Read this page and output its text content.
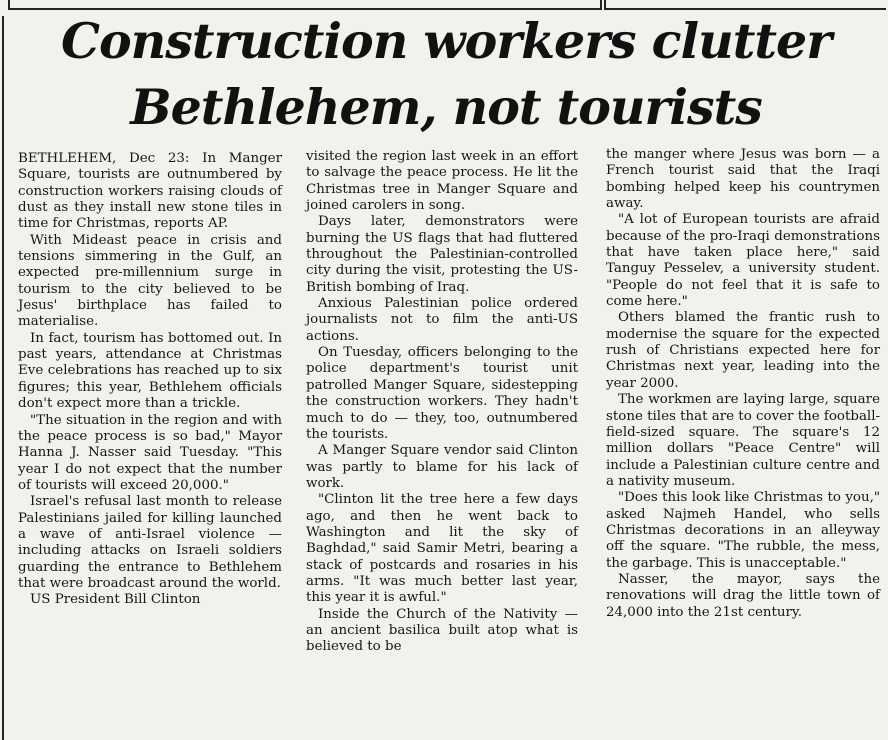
Construction workers clutter
Bethlehem, not tourists

BETHLEHEM, Dec 23: In Manger Square, tourists are outnumbered by construction workers raising clouds of dust as they install new stone tiles in time for Christmas, reports AP.

With Mideast peace in crisis and tensions simmering in the Gulf, an expected pre-millennium surge in tourism to the city believed to be Jesus' birthplace has failed to materialise.

In fact, tourism has bottomed out. In past years, attendance at Christmas Eve celebrations has reached up to six figures; this year, Bethlehem officials don't expect more than a trickle.

"The situation in the region and with the peace process is so bad," Mayor Hanna J. Nasser said Tuesday. "This year I do not expect that the number of tourists will exceed 20,000."

Israel's refusal last month to release Palestinians jailed for killing launched a wave of anti-Israel violence — including attacks on Israeli soldiers guarding the entrance to Bethlehem that were broadcast around the world.

US President Bill Clinton

visited the region last week in an effort to salvage the peace process. He lit the Christmas tree in Manger Square and joined carolers in song.

Days later, demonstrators were burning the US flags that had fluttered throughout the Palestinian-controlled city during the visit, protesting the US-British bombing of Iraq.

Anxious Palestinian police ordered journalists not to film the anti-US actions.

On Tuesday, officers belonging to the police department's tourist unit patrolled Manger Square, sidestepping the construction workers. They hadn't much to do — they, too, outnumbered the tourists.

A Manger Square vendor said Clinton was partly to blame for his lack of work.

"Clinton lit the tree here a few days ago, and then he went back to Washington and lit the sky of Baghdad," said Samir Metri, bearing a stack of postcards and rosaries in his arms. "It was much better last year, this year it is awful."

Inside the Church of the Nativity — an ancient basilica built atop what is believed to be

the manger where Jesus was born — a French tourist said that the Iraqi bombing helped keep his countrymen away.

"A lot of European tourists are afraid because of the pro-Iraqi demonstrations that have taken place here," said Tanguy Pesselev, a university student. "People do not feel that it is safe to come here."

Others blamed the frantic rush to modernise the square for the expected rush of Christians expected here for Christmas next year, leading into the year 2000.

The workmen are laying large, square stone tiles that are to cover the football-field-sized square. The square's 12 million dollars "Peace Centre" will include a Palestinian culture centre and a nativity museum.

"Does this look like Christmas to you," asked Najmeh Handel, who sells Christmas decorations in an alleyway off the square. "The rubble, the mess, the garbage. This is unacceptable."

Nasser, the mayor, says the renovations will drag the little town of 24,000 into the 21st century.
